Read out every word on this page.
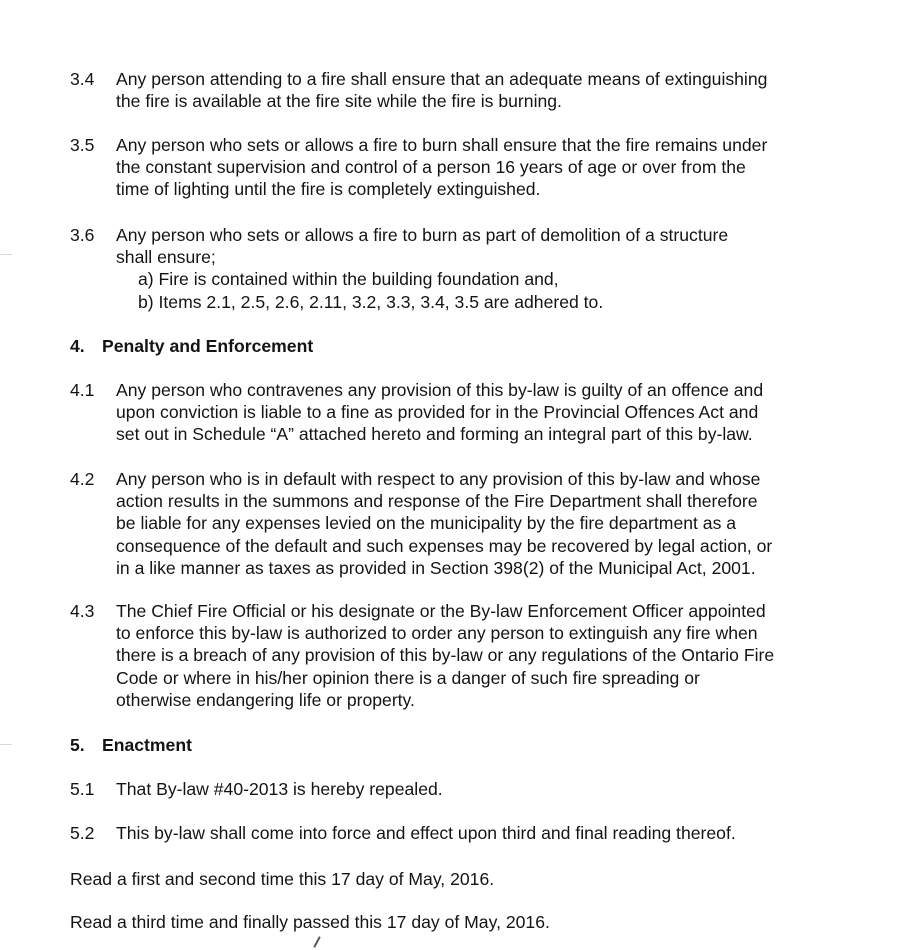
3.4	Any person attending to a fire shall ensure that an adequate means of extinguishing
the fire is available at the fire site while the fire is burning.
3.5	Any person who sets or allows a fire to burn shall ensure that the fire remains under
the constant supervision and control of a person 16 years of age or over from the
time of lighting until the fire is completely extinguished.
3.6	Any person who sets or allows a fire to burn as part of demolition of a structure
shall ensure;
a) Fire is contained within the building foundation and,
b) Items 2.1, 2.5, 2.6, 2.11, 3.2, 3.3, 3.4, 3.5 are adhered to.
4. Penalty and Enforcement
4.1	Any person who contravenes any provision of this by-law is guilty of an offence and
upon conviction is liable to a fine as provided for in the Provincial Offences Act and
set out in Schedule “A” attached hereto and forming an integral part of this by-law.
4.2	Any person who is in default with respect to any provision of this by-law and whose
action results in the summons and response of the Fire Department shall therefore
be liable for any expenses levied on the municipality by the fire department as a
consequence of the default and such expenses may be recovered by legal action, or
in a like manner as taxes as provided in Section 398(2) of the Municipal Act, 2001.
4.3	The Chief Fire Official or his designate or the By-law Enforcement Officer appointed
to enforce this by-law is authorized to order any person to extinguish any fire when
there is a breach of any provision of this by-law or any regulations of the Ontario Fire
Code or where in his/her opinion there is a danger of such fire spreading or
otherwise endangering life or property.
5. Enactment
5.1	That By-law #40-2013 is hereby repealed.
5.2	This by-law shall come into force and effect upon third and final reading thereof.
Read a first and second time this 17 day of May, 2016.
Read a third time and finally passed this 17 day of May, 2016.
